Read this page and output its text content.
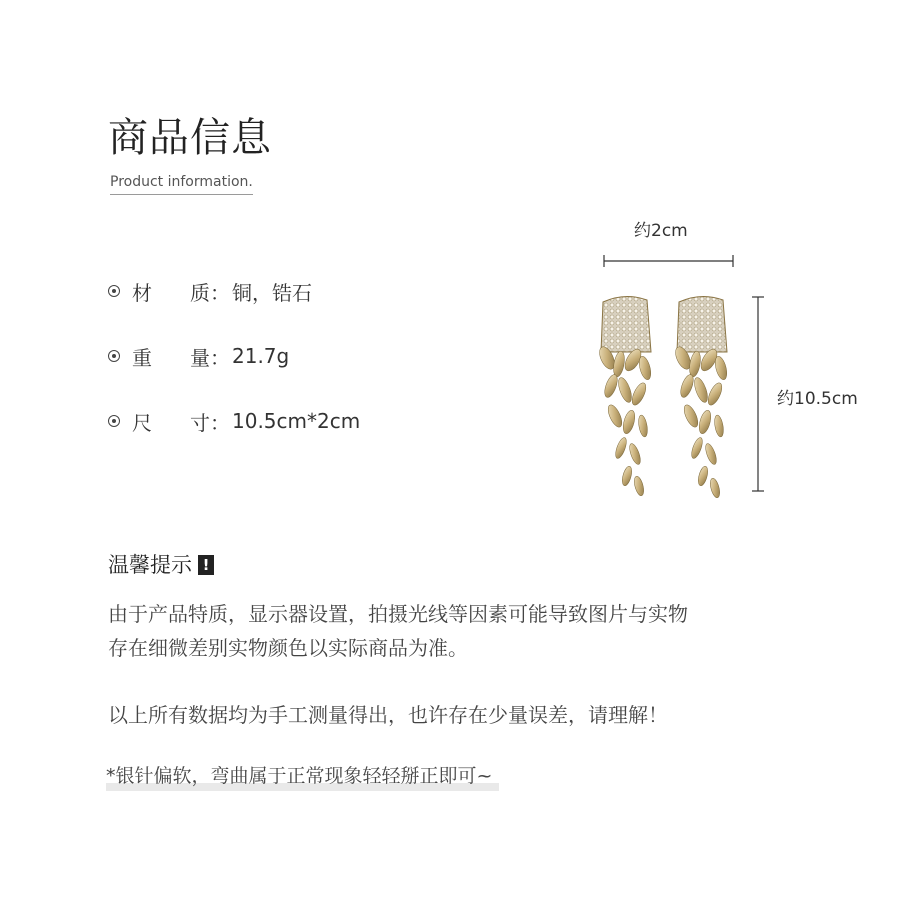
商品信息
Product information.
材	质： 铜，锆石
重	量： 21.7g
尺	寸： 10.5cm*2cm
约2cm
约10.5cm
温馨提示 !
由于产品特质，显示器设置，拍摄光线等因素可能导致图片与实物
存在细微差别实物颜色以实际商品为准。
以上所有数据均为手工测量得出，也许存在少量误差，请理解！
*银针偏软，弯曲属于正常现象轻轻掰正即可~
